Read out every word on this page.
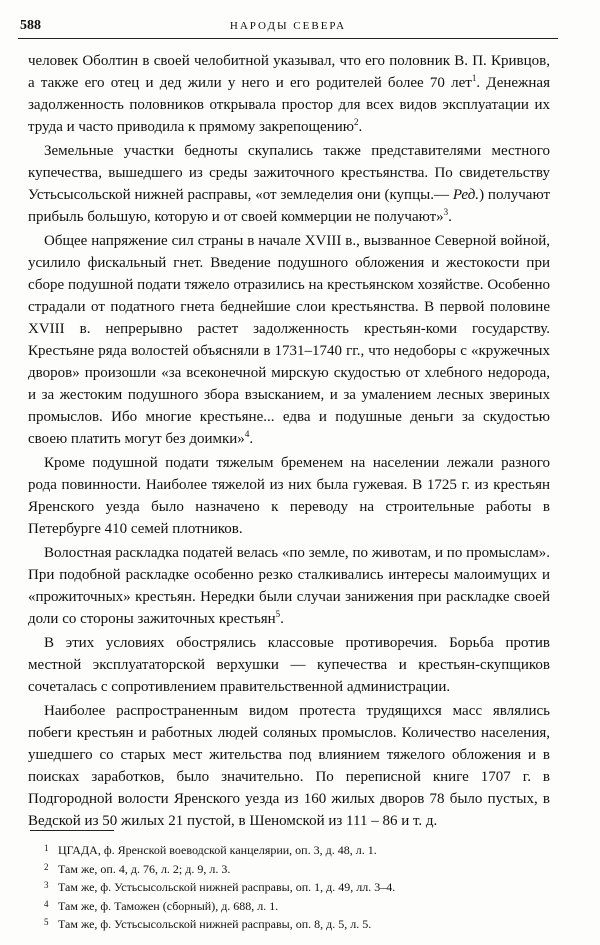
588	НАРОДЫ СЕВЕРА

человек Оболтин в своей челобитной указывал, что его половник В. П. Кривцов, а также его отец и дед жили у него и его родителей более 70 лет$^1$. Денежная задолженность половников открывала простор для всех видов эксплуатации их труда и часто приводила к прямому закрепощению$^2$.

Земельные участки бедноты скупались также представителями местного купечества, вышедшего из среды зажиточного крестьянства. По свидетельству Устьсысольской нижней расправы, «от земледелия они (купцы.— Ред.) получают прибыль большую, которую и от своей коммерции не получают»$^3$.

Общее напряжение сил страны в начале XVIII в., вызванное Северной войной, усилило фискальный гнет. Введение подушного обложения и жестокости при сборе подушной подати тяжело отразились на крестьянском хозяйстве. Особенно страдали от податного гнета беднейшие слои крестьянства. В первой половине XVIII в. непрерывно растет задолженность крестьян-коми государству. Крестьяне ряда волостей объясняли в 1731–1740 гг., что недоборы с «кружечных дворов» произошли «за всеконечной мирскую скудостью от хлебного недорода, и за жестоким подушного збора взысканием, и за умалением лесных звериных промыслов. Ибо многие крестьяне... едва и подушные деньги за скудостью своею платить могут без доимки»$^4$.

Кроме подушной подати тяжелым бременем на населении лежали разного рода повинности. Наиболее тяжелой из них была гужевая. В 1725 г. из крестьян Яренского уезда было назначено к переводу на строительные работы в Петербурге 410 семей плотников.

Волостная раскладка податей велась «по земле, по животам, и по промыслам». При подобной раскладке особенно резко сталкивались интересы малоимущих и «прожиточных» крестьян. Нередки были случаи занижения при раскладке своей доли со стороны зажиточных крестьян$^5$.

В этих условиях обострялись классовые противоречия. Борьба против местной эксплуататорской верхушки — купечества и крестьян-скупщиков сочеталась с сопротивлением правительственной администрации.

Наиболее распространенным видом протеста трудящихся масс являлись побеги крестьян и работных людей соляных промыслов. Количество населения, ушедшего со старых мест жительства под влиянием тяжелого обложения и в поисках заработков, было значительно. По переписной книге 1707 г. в Подгородной волости Яренского уезда из 160 жилых дворов 78 было пустых, в Ведской из 50 жилых 21 пустой, в Шеномской из 111 – 86 и т. д.

1 ЦГАДА, ф. Яренской воеводской канцелярии, оп. 3, д. 48, л. 1.
2 Там же, оп. 4, д. 76, л. 2; д. 9, л. 3.
3 Там же, ф. Устьсысольской нижней расправы, оп. 1, д. 49, лл. 3–4.
4 Там же, ф. Таможен (сборный), д. 688, л. 1.
5 Там же, ф. Устьсысольской нижней расправы, оп. 8, д. 5, л. 5.
